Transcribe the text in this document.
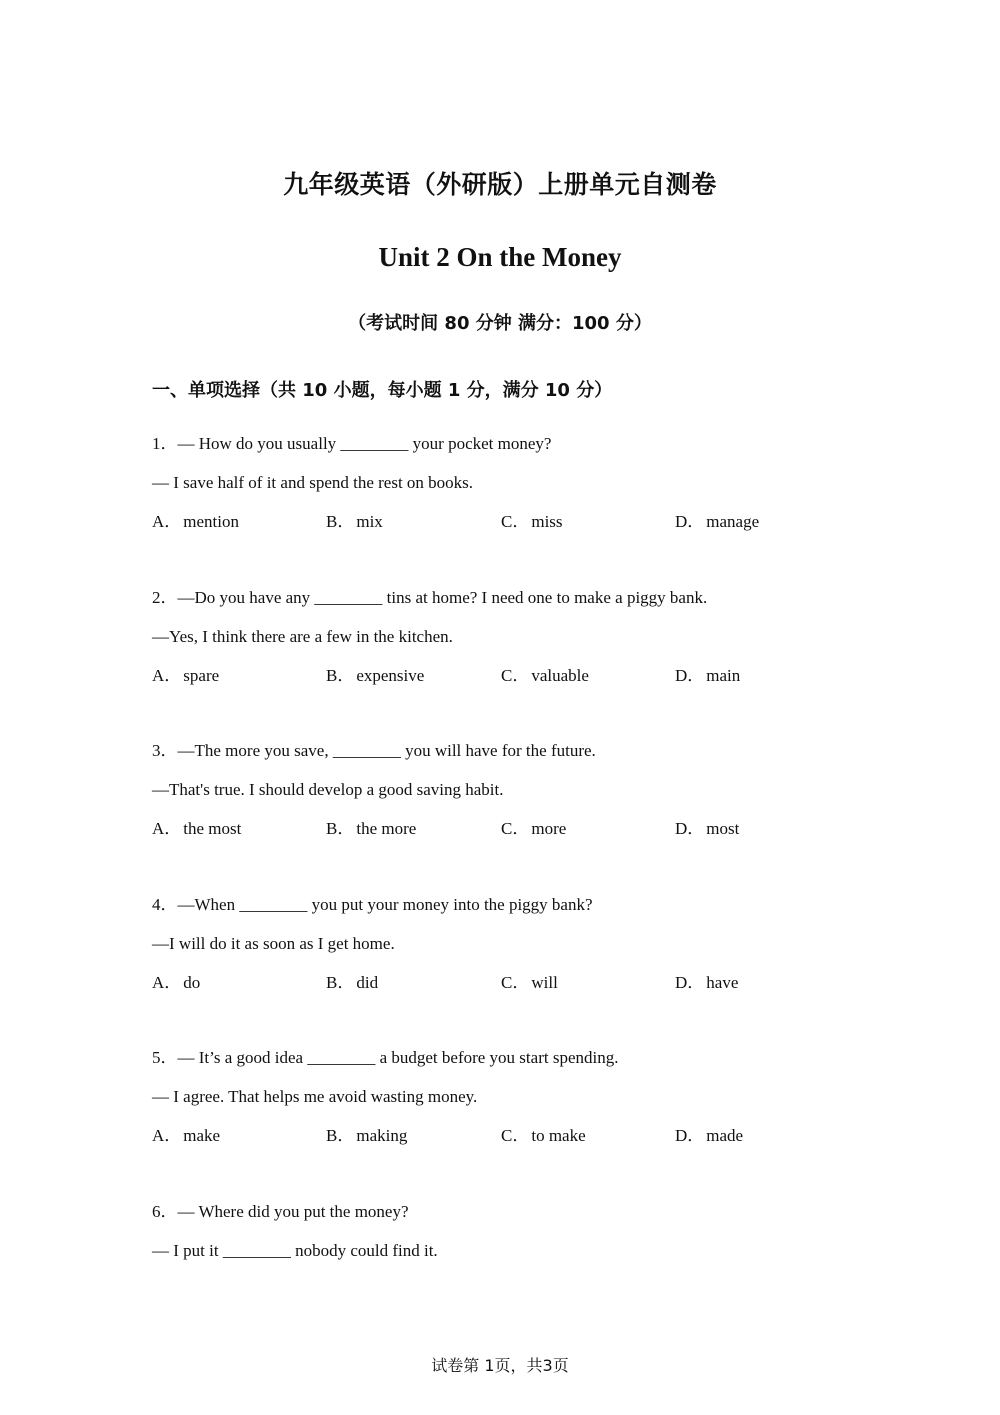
九年级英语（外研版）上册单元自测卷
Unit 2 On the Money
（考试时间 80 分钟 满分：100 分）
一、单项选择（共 10 小题，每小题 1 分，满分 10 分）
1．— How do you usually ________ your pocket money?
— I save half of it and spend the rest on books.
A． mention	B． mix	C． miss	D． manage
2．—Do you have any ________ tins at home? I need one to make a piggy bank.
—Yes, I think there are a few in the kitchen.
A． spare	B． expensive	C． valuable	D． main
3．—The more you save, ________ you will have for the future.
—That's true. I should develop a good saving habit.
A． the most	B． the more	C． more	D． most
4．—When ________ you put your money into the piggy bank?
—I will do it as soon as I get home.
A． do	B． did	C． will	D． have
5．— It’s a good idea ________ a budget before you start spending.
— I agree. That helps me avoid wasting money.
A． make	B． making	C． to make	D． made
6．— Where did you put the money?
— I put it ________ nobody could find it.
试卷第 1页，共3页
